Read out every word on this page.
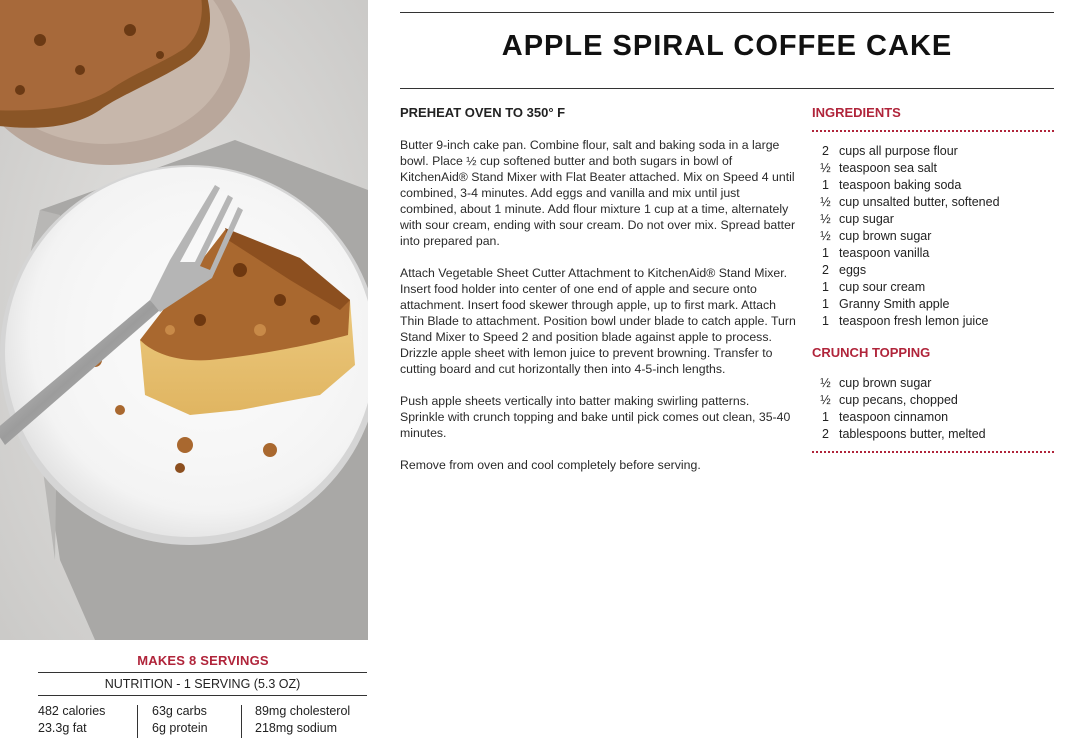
MAKES 8 SERVINGS
NUTRITION - 1 SERVING (5.3 OZ)
482 calories
23.3g fat
63g carbs
6g protein
89mg cholesterol
218mg sodium
APPLE SPIRAL COFFEE CAKE
PREHEAT OVEN TO 350° F

Butter 9-inch cake pan. Combine flour, salt and baking soda in a large bowl. Place ½ cup softened butter and both sugars in bowl of KitchenAid® Stand Mixer with Flat Beater attached. Mix on Speed 4 until combined, 3-4 minutes. Add eggs and vanilla and mix until just combined, about 1 minute. Add flour mixture 1 cup at a time, alternately with sour cream, ending with sour cream. Do not over mix. Spread batter into prepared pan.

Attach Vegetable Sheet Cutter Attachment to KitchenAid® Stand Mixer. Insert food holder into center of one end of apple and secure onto attachment. Insert food skewer through apple, up to first mark. Attach Thin Blade to attachment. Position bowl under blade to catch apple. Turn Stand Mixer to Speed 2 and position blade against apple to process. Drizzle apple sheet with lemon juice to prevent browning. Transfer to cutting board and cut horizontally then into 4-5-inch lengths.

Push apple sheets vertically into batter making swirling patterns. Sprinkle with crunch topping and bake until pick comes out clean, 35-40 minutes.

Remove from oven and cool completely before serving.

INGREDIENTS
2 cups all purpose flour
½ teaspoon sea salt
1 teaspoon baking soda
½ cup unsalted butter, softened
½ cup sugar
½ cup brown sugar
1 teaspoon vanilla
2 eggs
1 cup sour cream
1 Granny Smith apple
1 teaspoon fresh lemon juice
CRUNCH TOPPING
½ cup brown sugar
½ cup pecans, chopped
1 teaspoon cinnamon
2 tablespoons butter, melted
